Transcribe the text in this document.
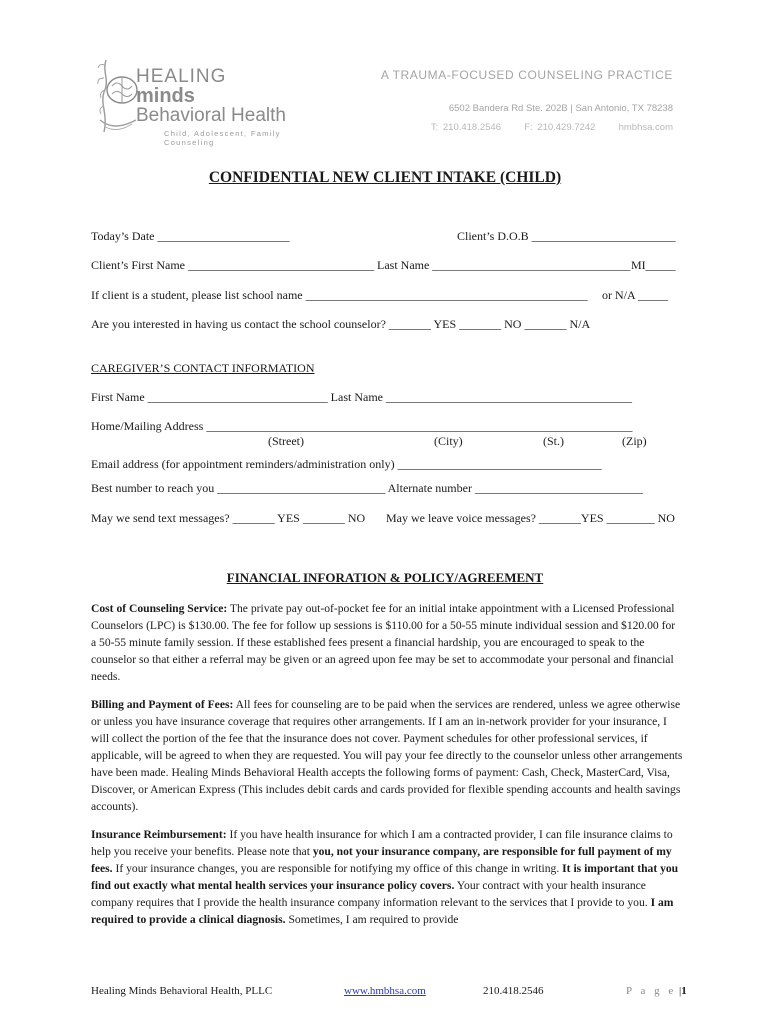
HEALING
minds
Behavioral Health
Child, Adolescent, Family Counseling
A TRAUMA-FOCUSED COUNSELING PRACTICE
6502 Bandera Rd Ste. 202B | San Antonio, TX 78238
T: 210.418.2546 F: 210.429.7242 hmbhsa.com
CONFIDENTIAL NEW CLIENT INTAKE (CHILD)
Today’s Date ______________________	Client’s D.O.B ________________________
Client’s First Name _______________________________ Last Name _________________________________ MI_____
If client is a student, please list school name _______________________________________________ or N/A _____
Are you interested in having us contact the school counselor? _______ YES _______ NO _______ N/A
CAREGIVER’S CONTACT INFORMATION
First Name ______________________________ Last Name _________________________________________
Home/Mailing Address _______________________________________________________________________
(Street)	(City)	(St.)	(Zip)
Email address (for appointment reminders/administration only) __________________________________
Best number to reach you ____________________________ Alternate number ____________________________
May we send text messages? _______ YES _______ NO May we leave voice messages? _______YES ________ NO
FINANCIAL INFORATION & POLICY/AGREEMENT
Cost of Counseling Service: The private pay out-of-pocket fee for an initial intake appointment with a Licensed Professional Counselors (LPC) is $130.00. The fee for follow up sessions is $110.00 for a 50-55 minute individual session and $120.00 for a 50-55 minute family session. If these established fees present a financial hardship, you are encouraged to speak to the counselor so that either a referral may be given or an agreed upon fee may be set to accommodate your personal and financial needs.
Billing and Payment of Fees: All fees for counseling are to be paid when the services are rendered, unless we agree otherwise or unless you have insurance coverage that requires other arrangements. If I am an in-network provider for your insurance, I will collect the portion of the fee that the insurance does not cover. Payment schedules for other professional services, if applicable, will be agreed to when they are requested. You will pay your fee directly to the counselor unless other arrangements have been made. Healing Minds Behavioral Health accepts the following forms of payment: Cash, Check, MasterCard, Visa, Discover, or American Express (This includes debit cards and cards provided for flexible spending accounts and health savings accounts).
Insurance Reimbursement: If you have health insurance for which I am a contracted provider, I can file insurance claims to help you receive your benefits. Please note that you, not your insurance company, are responsible for full payment of my fees. If your insurance changes, you are responsible for notifying my office of this change in writing. It is important that you find out exactly what mental health services your insurance policy covers. Your contract with your health insurance company requires that I provide the health insurance company information relevant to the services that I provide to you. I am required to provide a clinical diagnosis. Sometimes, I am required to provide
Healing Minds Behavioral Health, PLLC	www.hmbhsa.com	210.418.2546	P a g e |1
